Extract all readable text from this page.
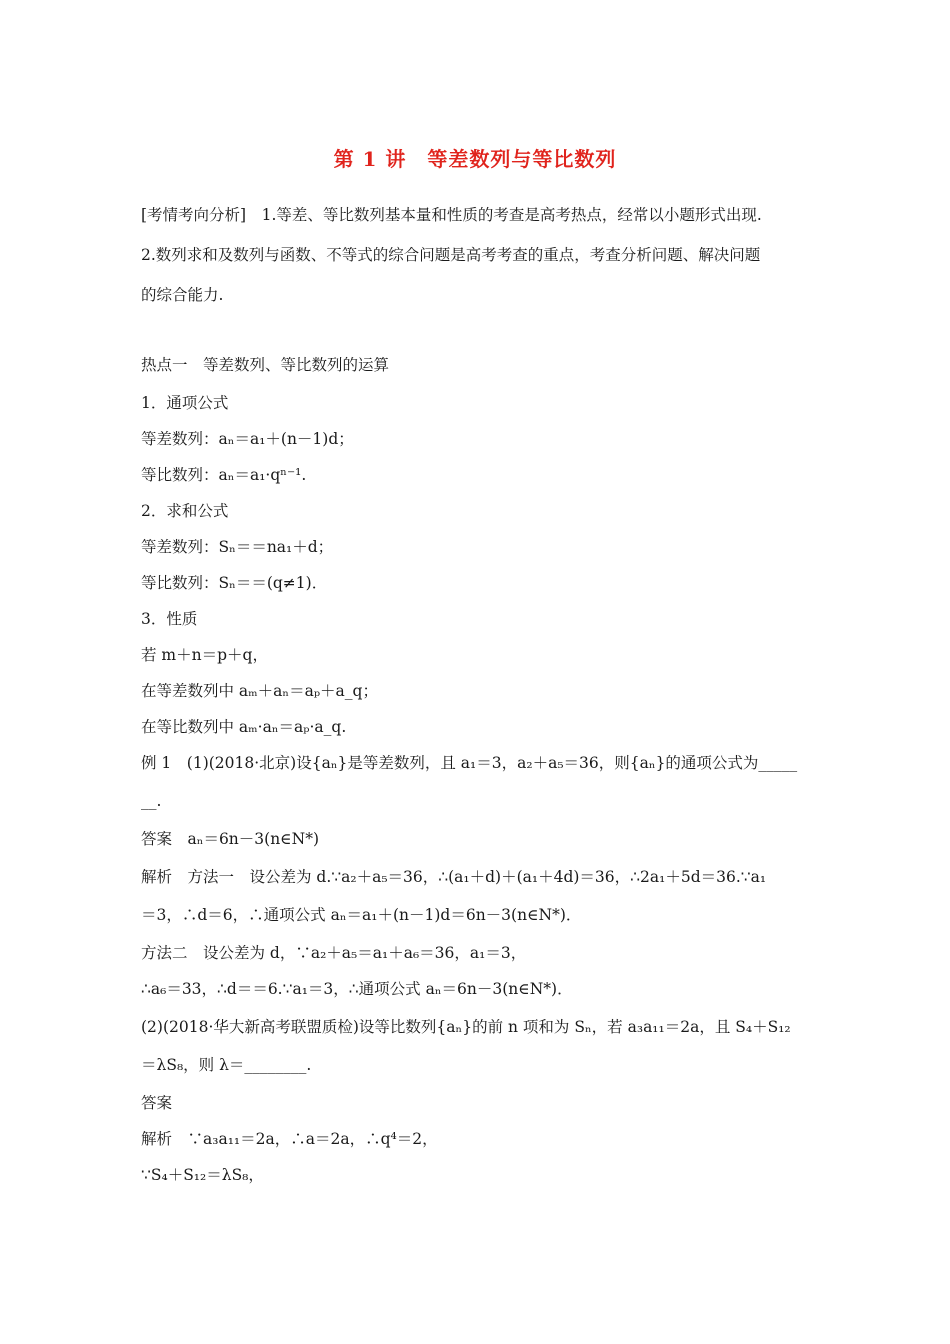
第 1 讲　等差数列与等比数列
[考情考向分析]　1.等差、等比数列基本量和性质的考查是高考热点，经常以小题形式出现.
2.数列求和及数列与函数、不等式的综合问题是高考考查的重点，考查分析问题、解决问题
的综合能力.
热点一　等差数列、等比数列的运算
1．通项公式
等差数列：aₙ＝a₁＋(n－1)d；
等比数列：aₙ＝a₁·qⁿ⁻¹.
2．求和公式
等差数列：Sₙ＝＝na₁＋d；
等比数列：Sₙ＝＝(q≠1)．
3．性质
若 m＋n＝p＋q，
在等差数列中 aₘ＋aₙ＝aₚ＋a_q；
在等比数列中 aₘ·aₙ＝aₚ·a_q.
例 1　(1)(2018·北京)设{aₙ}是等差数列，且 a₁＝3，a₂＋a₅＝36，则{aₙ}的通项公式为_____
__.
答案　aₙ＝6n－3(n∈N*)
解析　方法一　设公差为 d.∵a₂＋a₅＝36，∴(a₁＋d)＋(a₁＋4d)＝36，∴2a₁＋5d＝36.∵a₁
＝3，∴d＝6，∴通项公式 aₙ＝a₁＋(n－1)d＝6n－3(n∈N*)．
方法二　设公差为 d，∵a₂＋a₅＝a₁＋a₆＝36，a₁＝3，
∴a₆＝33，∴d＝＝6.∵a₁＝3，∴通项公式 aₙ＝6n－3(n∈N*)．
(2)(2018·华大新高考联盟质检)设等比数列{aₙ}的前 n 项和为 Sₙ，若 a₃a₁₁＝2a，且 S₄＋S₁₂
＝λS₈，则 λ＝________.
答案
解析　∵a₃a₁₁＝2a，∴a＝2a，∴q⁴＝2，
∵S₄＋S₁₂＝λS₈，
